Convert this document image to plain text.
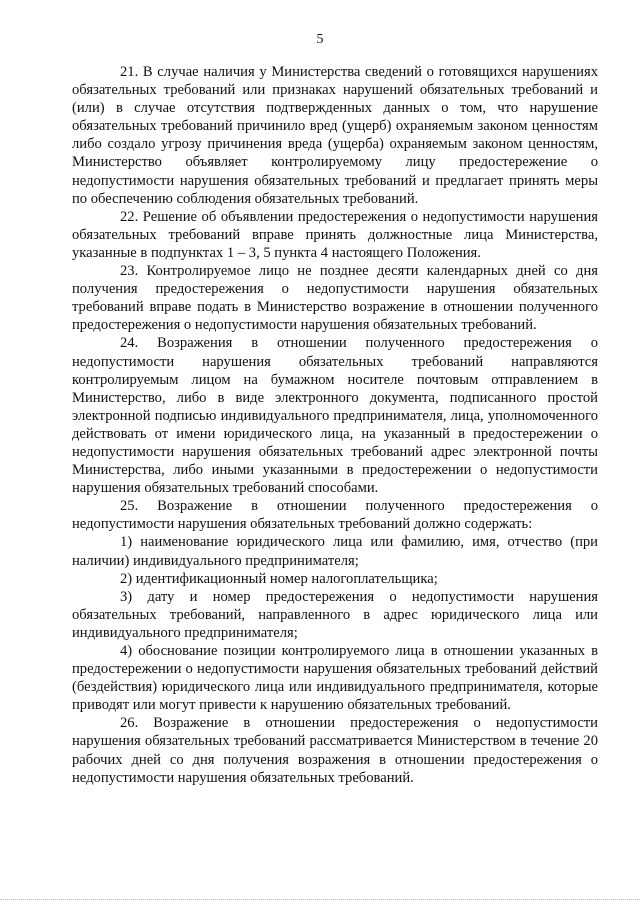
5

21. В случае наличия у Министерства сведений о готовящихся нарушениях обязательных требований или признаках нарушений обязательных требований и (или) в случае отсутствия подтвержденных данных о том, что нарушение обязательных требований причинило вред (ущерб) охраняемым законом ценностям либо создало угрозу причинения вреда (ущерба) охраняемым законом ценностям, Министерство объявляет контролируемому лицу предостережение о недопустимости нарушения обязательных требований и предлагает принять меры по обеспечению соблюдения обязательных требований.

22. Решение об объявлении предостережения о недопустимости нарушения обязательных требований вправе принять должностные лица Министерства, указанные в подпунктах 1 – 3, 5 пункта 4 настоящего Положения.

23. Контролируемое лицо не позднее десяти календарных дней со дня получения предостережения о недопустимости нарушения обязательных требований вправе подать в Министерство возражение в отношении полученного предостережения о недопустимости нарушения обязательных требований.

24. Возражения в отношении полученного предостережения о недопустимости нарушения обязательных требований направляются контролируемым лицом на бумажном носителе почтовым отправлением в Министерство, либо в виде электронного документа, подписанного простой электронной подписью индивидуального предпринимателя, лица, уполномоченного действовать от имени юридического лица, на указанный в предостережении о недопустимости нарушения обязательных требований адрес электронной почты Министерства, либо иными указанными в предостережении о недопустимости нарушения обязательных требований способами.

25. Возражение в отношении полученного предостережения о недопустимости нарушения обязательных требований должно содержать:

1) наименование юридического лица или фамилию, имя, отчество (при наличии) индивидуального предпринимателя;

2) идентификационный номер налогоплательщика;

3) дату и номер предостережения о недопустимости нарушения обязательных требований, направленного в адрес юридического лица или индивидуального предпринимателя;

4) обоснование позиции контролируемого лица в отношении указанных в предостережении о недопустимости нарушения обязательных требований действий (бездействия) юридического лица или индивидуального предпринимателя, которые приводят или могут привести к нарушению обязательных требований.

26. Возражение в отношении предостережения о недопустимости нарушения обязательных требований рассматривается Министерством в течение 20 рабочих дней со дня получения возражения в отношении предостережения о недопустимости нарушения обязательных требований.
